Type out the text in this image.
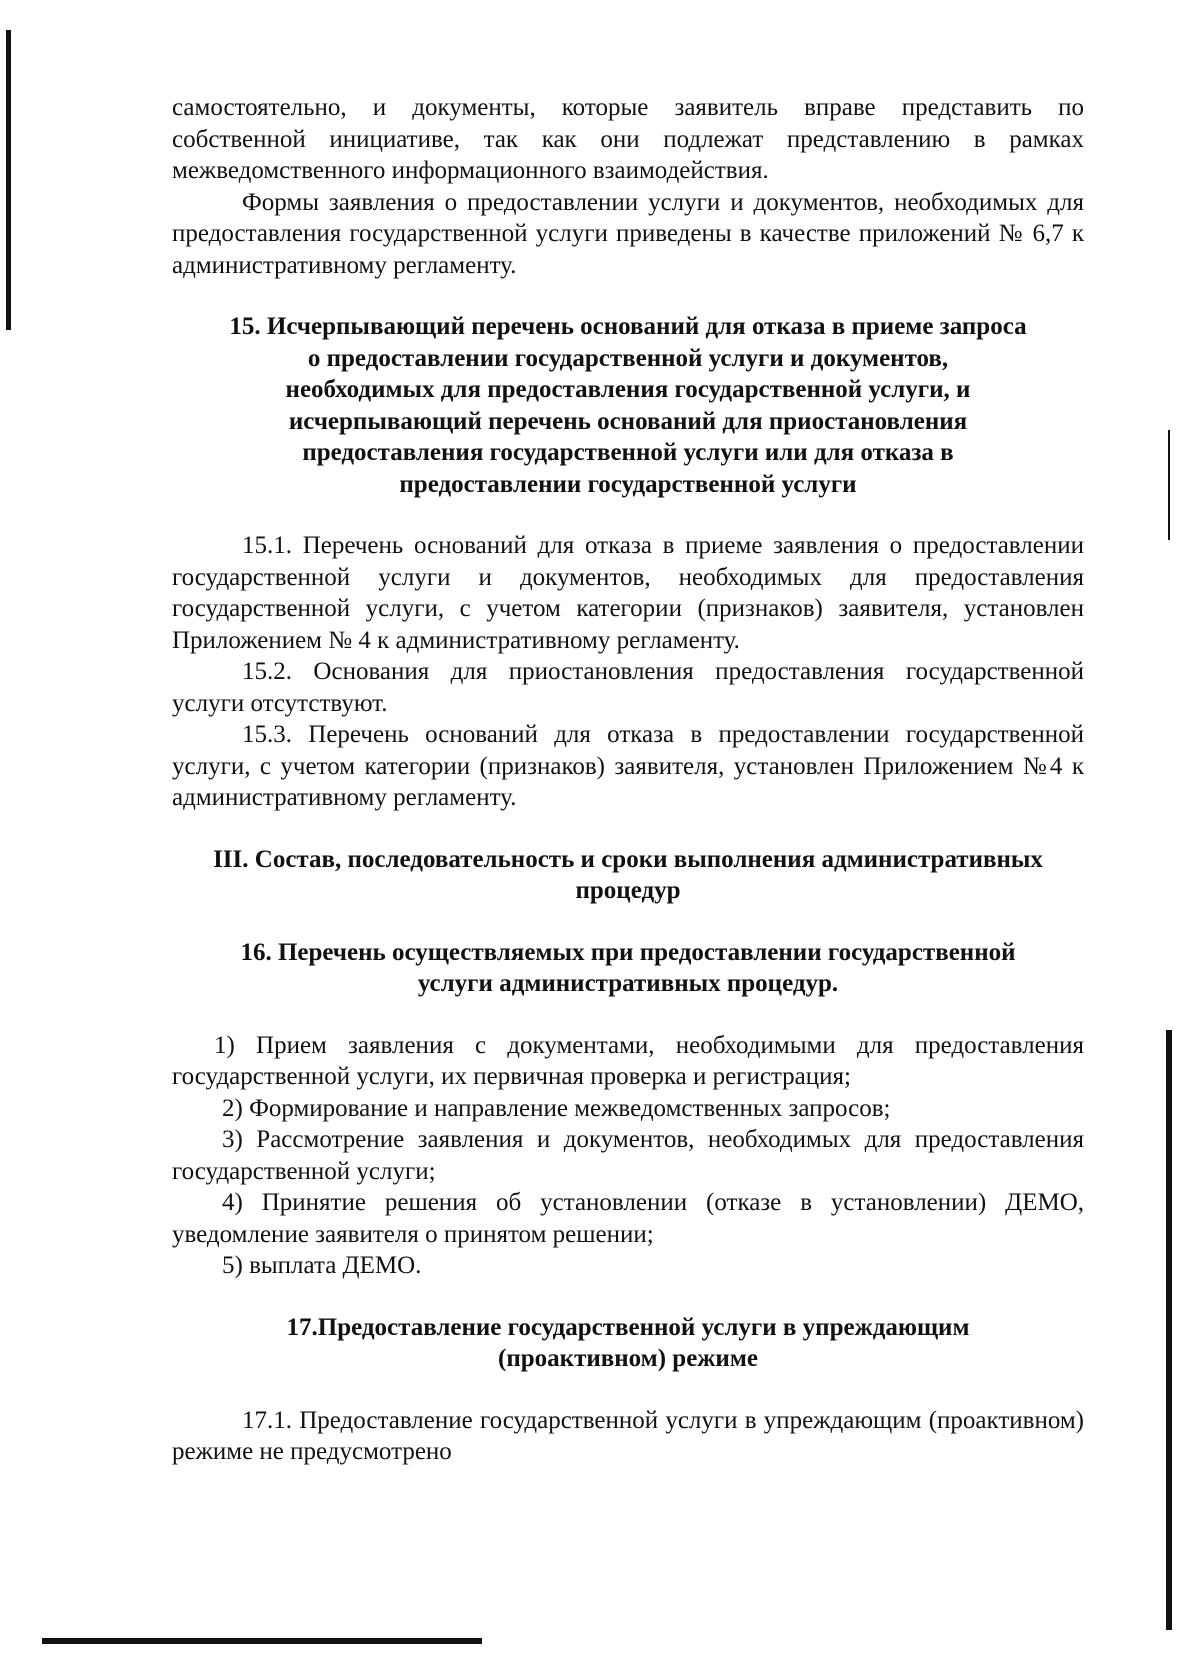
самостоятельно, и документы, которые заявитель вправе представить по собственной инициативе, так как они подлежат представлению в рамках межведомственного информационного взаимодействия.

Формы заявления о предоставлении услуги и документов, необходимых для предоставления государственной услуги приведены в качестве приложений № 6,7 к административному регламенту.

15. Исчерпывающий перечень оснований для отказа в приеме запроса
о предоставлении государственной услуги и документов,
необходимых для предоставления государственной услуги, и
исчерпывающий перечень оснований для приостановления
предоставления государственной услуги или для отказа в
предоставлении государственной услуги

15.1. Перечень оснований для отказа в приеме заявления о предоставлении государственной услуги и документов, необходимых для предоставления государственной услуги, с учетом категории (признаков) заявителя, установлен Приложением № 4 к административному регламенту.

15.2. Основания для приостановления предоставления государственной услуги отсутствуют.

15.3. Перечень оснований для отказа в предоставлении государственной услуги, с учетом категории (признаков) заявителя, установлен Приложением №4 к административному регламенту.

III. Состав, последовательность и сроки выполнения административных
процедур
16. Перечень осуществляемых при предоставлении государственной
услуги административных процедур.

1) Прием заявления с документами, необходимыми для предоставления государственной услуги, их первичная проверка и регистрация;

2) Формирование и направление межведомственных запросов;

3) Рассмотрение заявления и документов, необходимых для предоставления государственной услуги;

4) Принятие решения об установлении (отказе в установлении) ДЕМО, уведомление заявителя о принятом решении;

5) выплата ДЕМО.

17.Предоставление государственной услуги в упреждающим
(проактивном) режиме

17.1. Предоставление государственной услуги в упреждающим (проактивном) режиме не предусмотрено
